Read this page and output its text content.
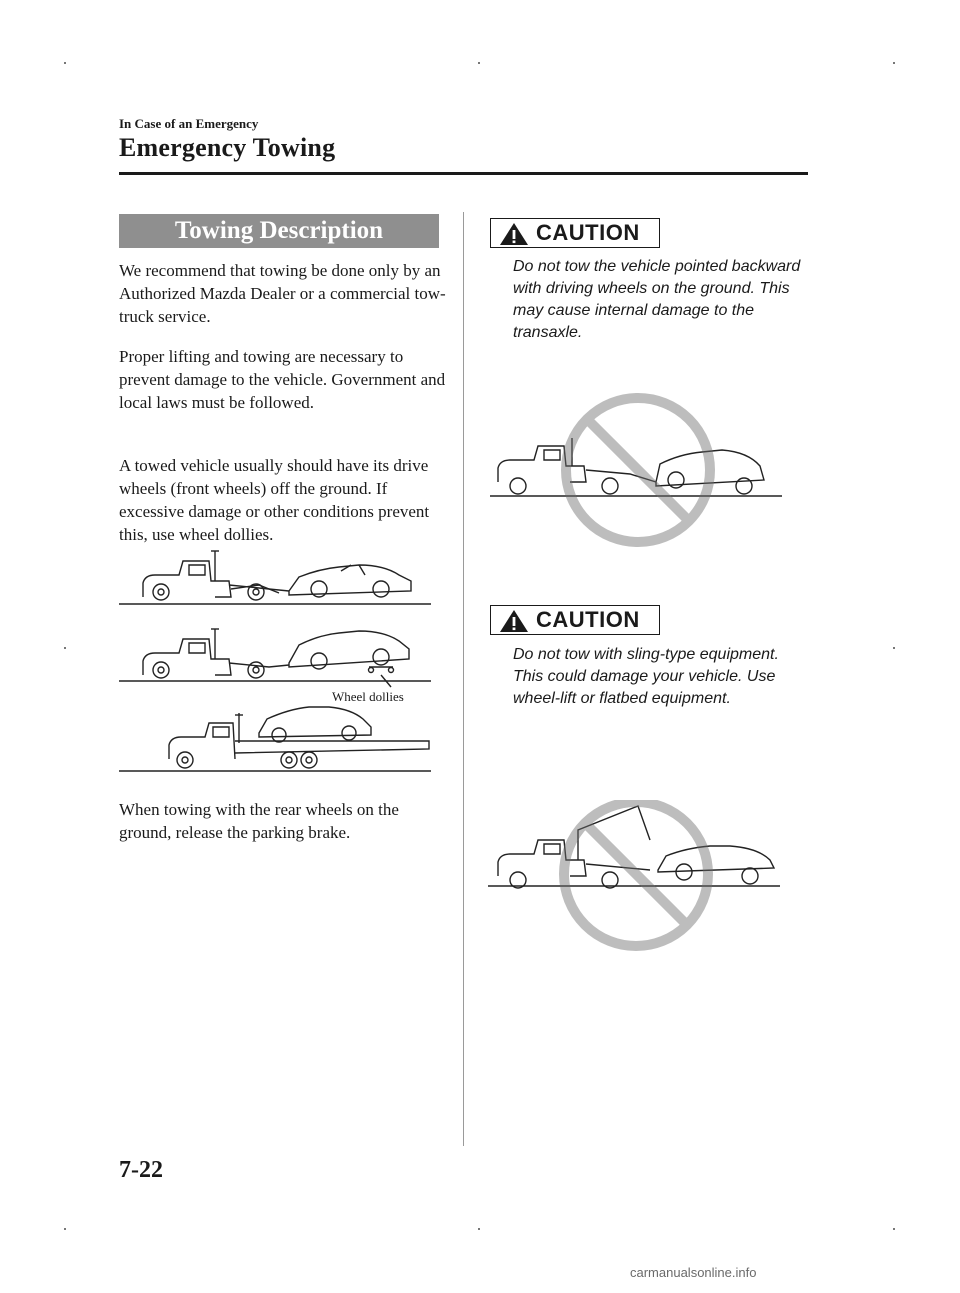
In Case of an Emergency
Emergency Towing
Towing Description
We recommend that towing be done only by an Authorized Mazda Dealer or a commercial tow-truck service.
Proper lifting and towing are necessary to prevent damage to the vehicle. Government and local laws must be followed.
A towed vehicle usually should have its drive wheels (front wheels) off the ground. If excessive damage or other conditions prevent this, use wheel dollies.
Wheel dollies
When towing with the rear wheels on the ground, release the parking brake.
CAUTION
Do not tow the vehicle pointed backward with driving wheels on the ground. This may cause internal damage to the transaxle.
CAUTION
Do not tow with sling-type equipment. This could damage your vehicle. Use wheel-lift or flatbed equipment.
7-22
carmanualsonline.info
